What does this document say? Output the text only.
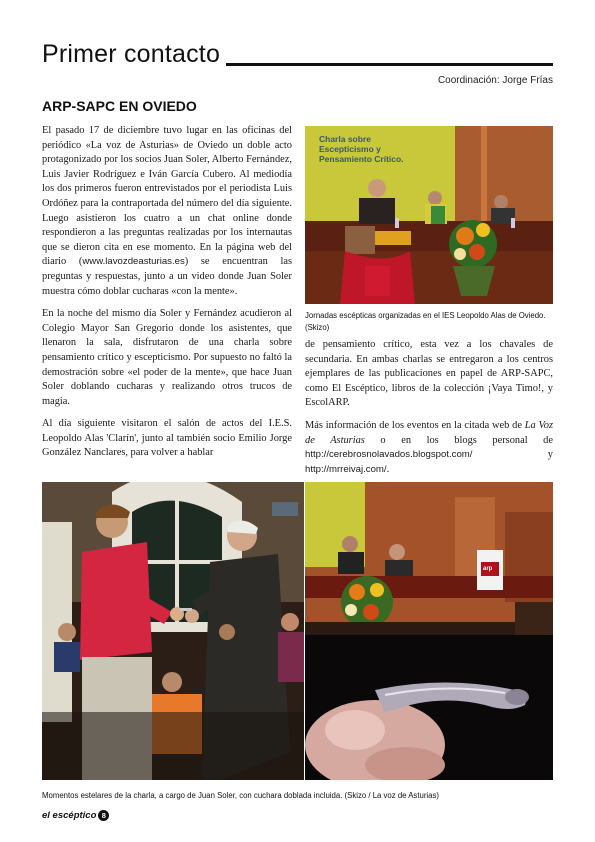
Primer contacto
Coordinación: Jorge Frías
ARP-SAPC EN OVIEDO

El pasado 17 de diciembre tuvo lugar en las oficinas del periódico «La voz de Asturias» de Oviedo un doble acto protagonizado por los socios Juan Soler, Alberto Fernández, Luis Javier Rodríguez e Iván García Cubero. Al mediodía los dos primeros fueron entrevistados por el periodista Luis Ordóñez para la contraportada del número del día siguiente. Luego asistieron los cuatro a un chat online donde respondieron a las preguntas realizadas por los internautas que se dieron cita en ese momento. En la página web del diario (www.lavozdeasturias.es) se encuentran las preguntas y respuestas, junto a un video donde Juan Soler muestra cómo doblar cucharas «con la mente».

En la noche del mismo día Soler y Fernández acudieron al Colegio Mayor San Gregorio donde los asistentes, que llenaron la sala, disfrutaron de una charla sobre pensamiento crítico y escepticismo. Por supuesto no faltó la demostración sobre «el poder de la mente», que hace Juan Soler doblando cucharas y realizando otros trucos de magia.

Al día siguiente visitaron el salón de actos del I.E.S. Leopoldo Alas 'Clarín', junto al también socio Emilio Jorge González Nanclares, para volver a hablar

Charla sobre Escepticismo y Pensamiento Crítico.
Jornadas escépticas organizadas en el IES Leopoldo Alas de Oviedo. (Skizo)

de pensamiento crítico, esta vez a los chavales de secundaria. En ambas charlas se entregaron a los centros ejemplares de las publicaciones en papel de ARP-SAPC, como El Escéptico, libros de la colección ¡Vaya Timo!, y EscolARP.

Más información de los eventos en la citada web de La Voz de Asturias o en los blogs personal de http://cerebrosnolavados.blogspot.com/ y http://mrreivaj.com/.

arp
Momentos estelares de la charla, a cargo de Juan Soler, con cuchara doblada incluida. (Skizo / La voz de Asturias)
el escéptico 8
